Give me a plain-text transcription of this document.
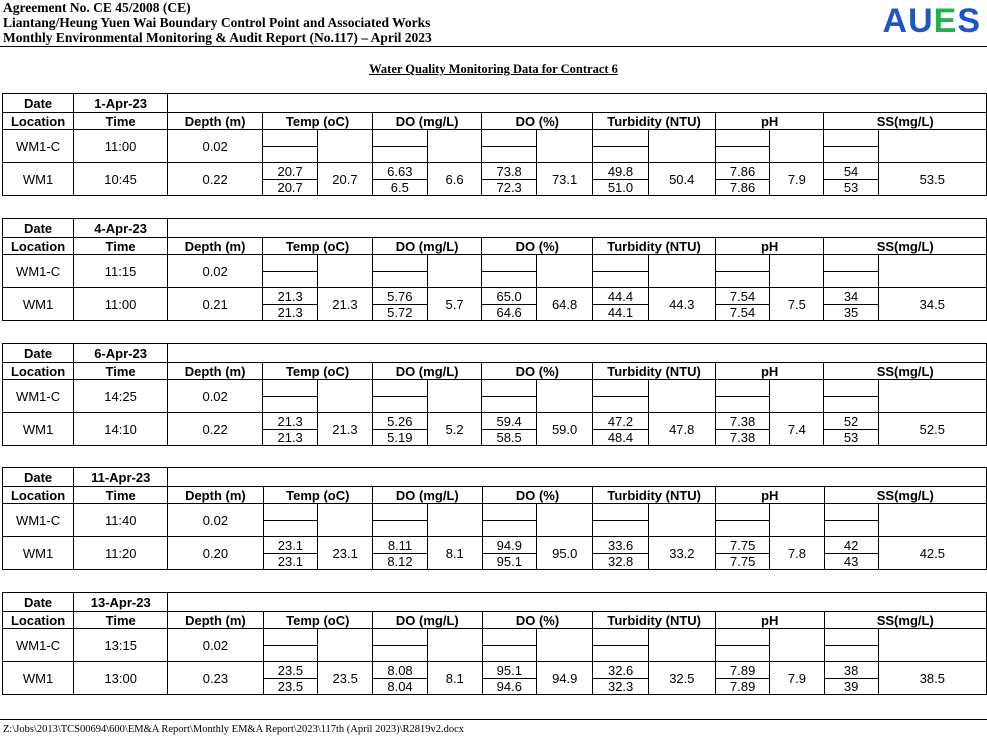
Agreement No. CE 45/2008 (CE)
Liantang/Heung Yuen Wai Boundary Control Point and Associated Works
Monthly Environmental Monitoring & Audit Report (No.117) – April 2023	AUES
Water Quality Monitoring Data for Contract 6
Date	1-Apr-23													
Location	Time	Depth (m)	Temp (oC)		DO (mg/L)		DO (%)		Turbidity (NTU)		pH		SS(mg/L)	
WM1-C	11:00	0.02												

WM1	10:45	0.22	20.7	20.7	6.63	6.6	73.8	73.1	49.8	50.4	7.86	7.9	54	53.5
			20.7		6.5		72.3		51.0		7.86		53	
Date	4-Apr-23													
Location	Time	Depth (m)	Temp (oC)		DO (mg/L)		DO (%)		Turbidity (NTU)		pH		SS(mg/L)	
WM1-C	11:15	0.02												

WM1	11:00	0.21	21.3	21.3	5.76	5.7	65.0	64.8	44.4	44.3	7.54	7.5	34	34.5
			21.3		5.72		64.6		44.1		7.54		35	
Date	6-Apr-23													
Location	Time	Depth (m)	Temp (oC)		DO (mg/L)		DO (%)		Turbidity (NTU)		pH		SS(mg/L)	
WM1-C	14:25	0.02												

WM1	14:10	0.22	21.3	21.3	5.26	5.2	59.4	59.0	47.2	47.8	7.38	7.4	52	52.5
			21.3		5.19		58.5		48.4		7.38		53	
Date	11-Apr-23													
Location	Time	Depth (m)	Temp (oC)		DO (mg/L)		DO (%)		Turbidity (NTU)		pH		SS(mg/L)	
WM1-C	11:40	0.02												

WM1	11:20	0.20	23.1	23.1	8.11	8.1	94.9	95.0	33.6	33.2	7.75	7.8	42	42.5
			23.1		8.12		95.1		32.8		7.75		43	
Date	13-Apr-23													
Location	Time	Depth (m)	Temp (oC)		DO (mg/L)		DO (%)		Turbidity (NTU)		pH		SS(mg/L)	
WM1-C	13:15	0.02												

WM1	13:00	0.23	23.5	23.5	8.08	8.1	95.1	94.9	32.6	32.5	7.89	7.9	38	38.5
			23.5		8.04		94.6		32.3		7.89		39	
Z:\Jobs\2013\TCS00694\600\EM&A Report\Monthly EM&A Report\2023\117th (April 2023)\R2819v2.docx
